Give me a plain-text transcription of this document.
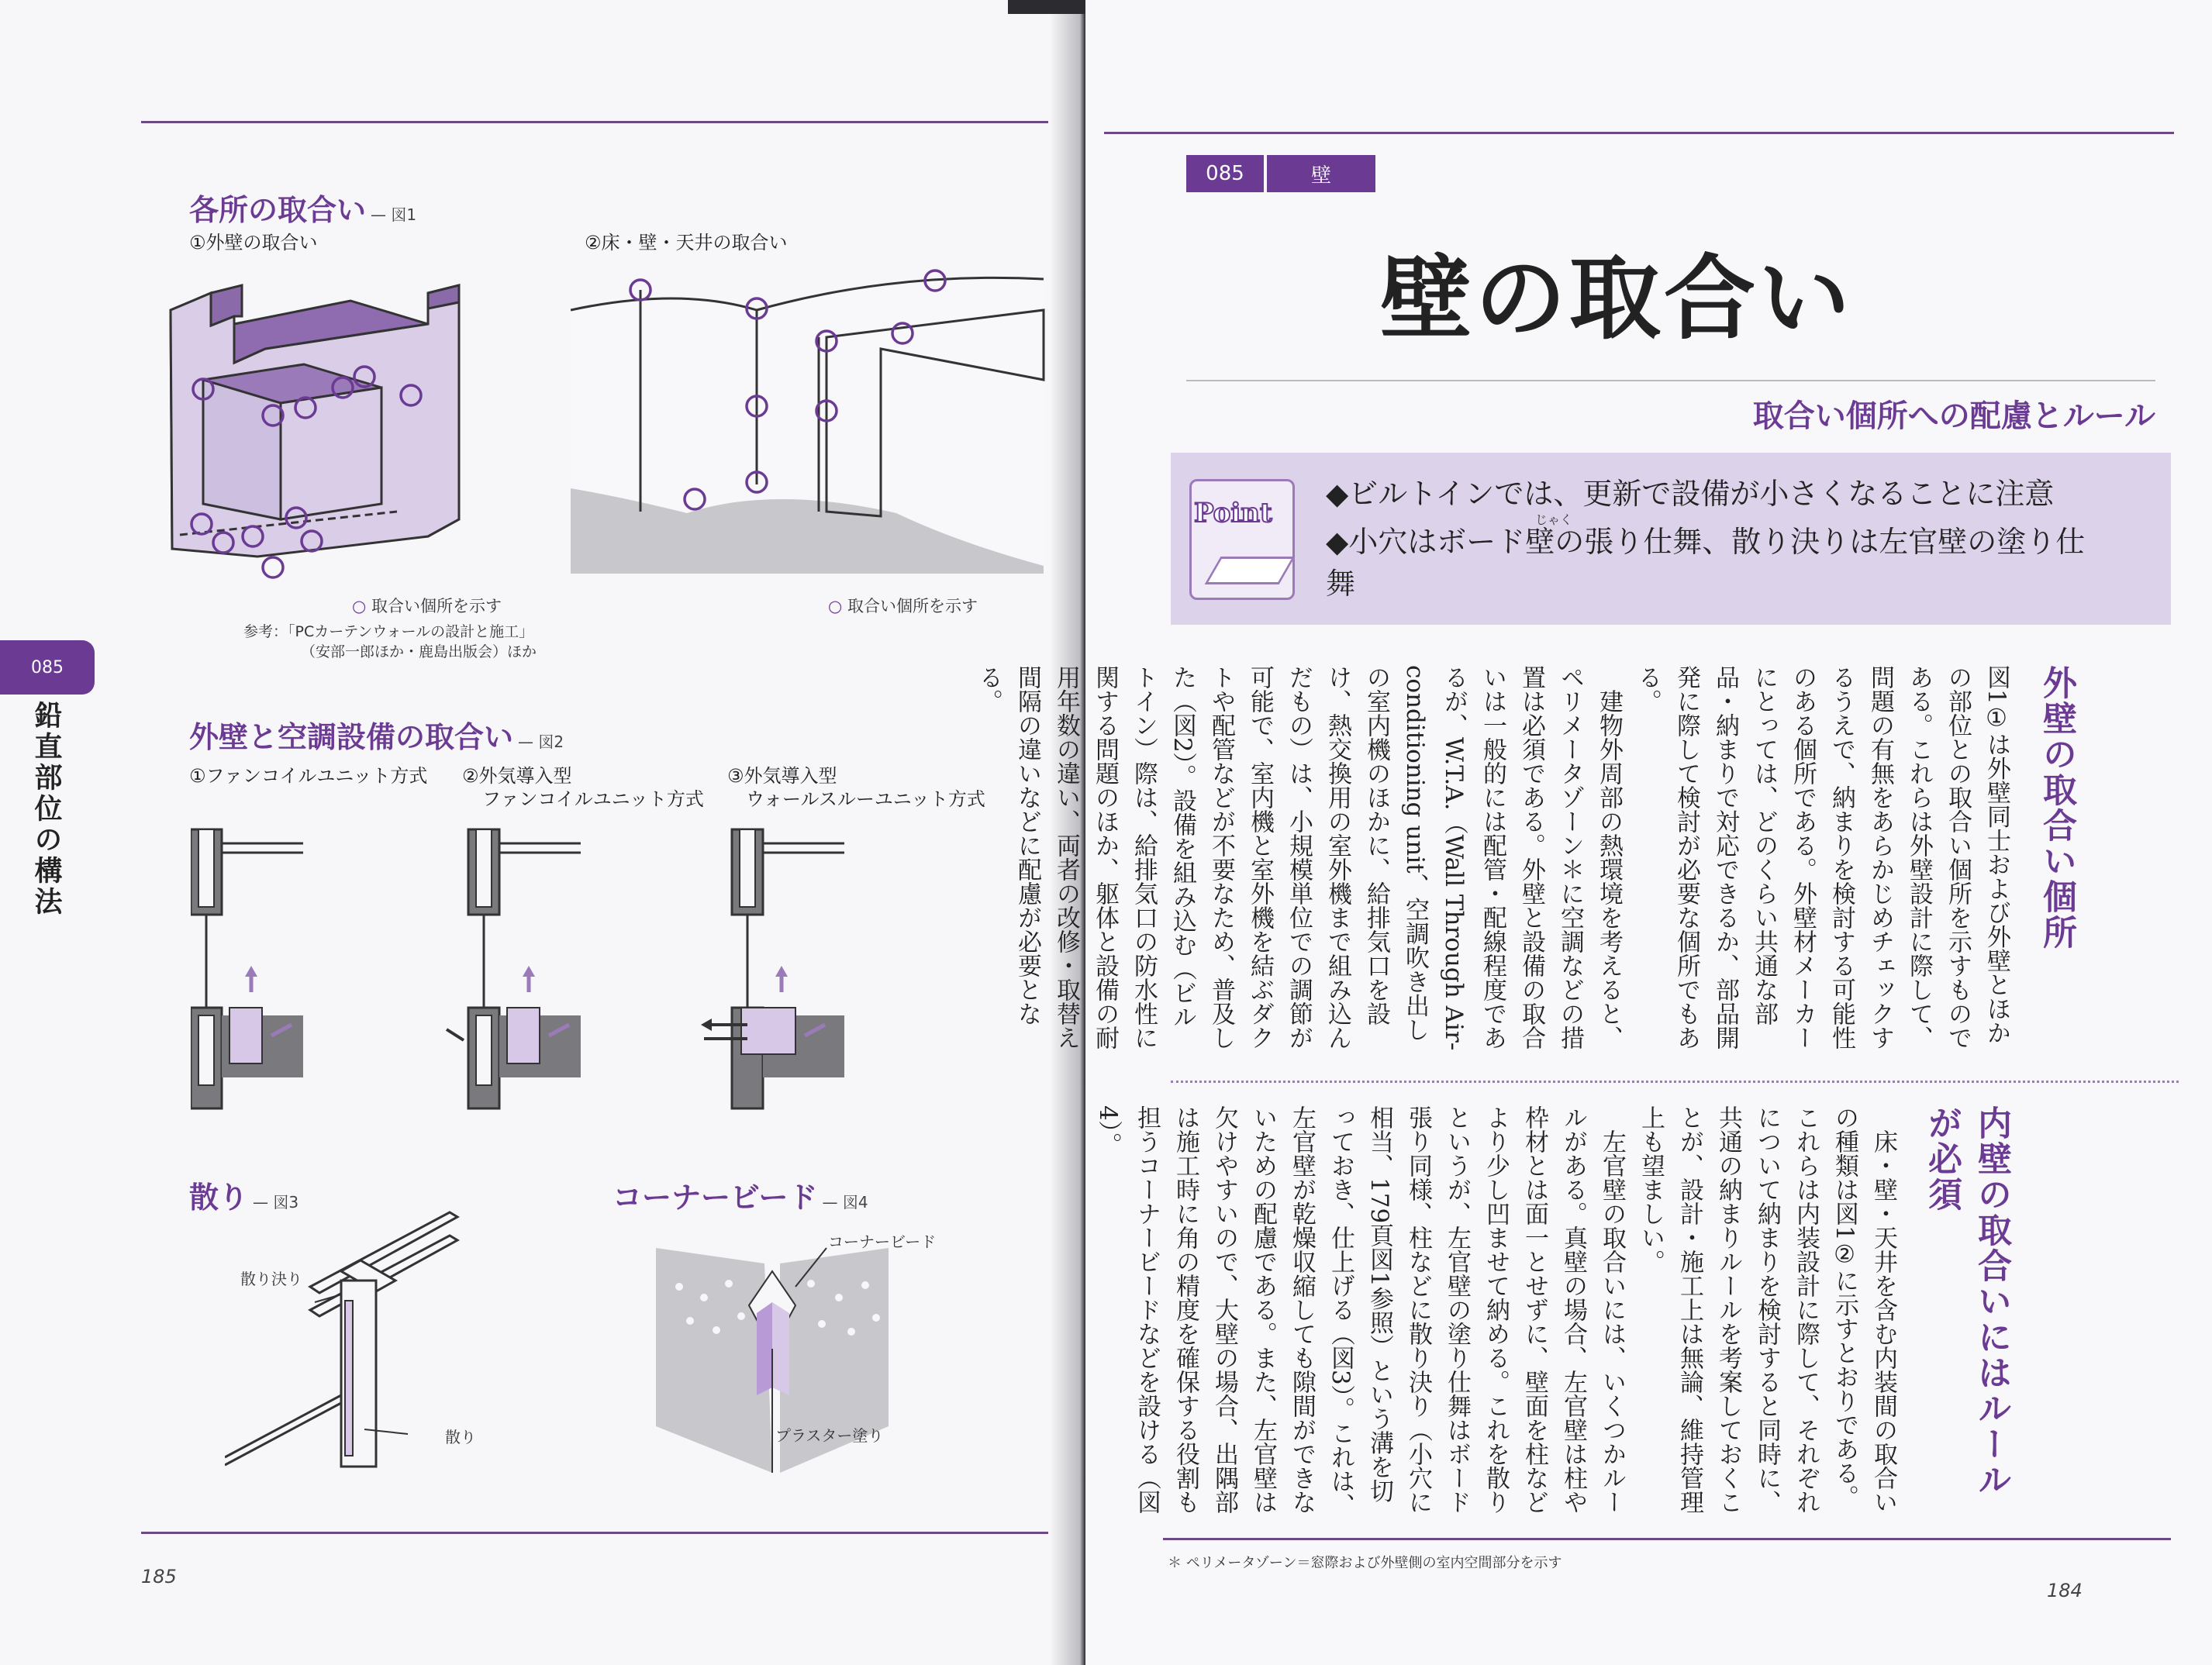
各所の取合い — 図1
①外壁の取合い	②床・壁・天井の取合い
○ 取合い個所を示す	○ 取合い個所を示す
参考：「PCカーテンウォールの設計と施工」
（安部一郎ほか・鹿島出版会）ほか
085
鉛直部位の構法	外壁と空調設備の取合い — 図2
①ファンコイルユニット方式 ②外気導入型
ファンコイルユニット方式
③外気導入型
ウォールスルーユニット方式
散り — 図3
散り決り
散り
コーナービード — 図4
コーナービード
プラスター塗り
185
085	壁
壁の取合い
取合い個所への配慮とルール
Point
◆ビルトインでは、更新で設備が小さくなることに注意
じゃく
◆小穴はボード壁の張り仕舞、散り決りは左官壁の塗り仕舞
外壁の取合い個所
図1①は外壁同士および外壁とほかの部位との取合い個所を示すものである。これらは外壁設計に際して、問題の有無をあらかじめチェックするうえで、納まりを検討する可能性のある個所である。外壁材メーカーにとっては、どのくらい共通な部品・納まりで対応できるか、部品開発に際して検討が必要な個所でもある。
　建物外周部の熱環境を考えると、ペリメータゾーン＊に空調などの措置は必須である。外壁と設備の取合いは一般的には配管・配線程度であるが、W.T.A.（Wall Through Air-conditioning unit、空調吹き出しの室内機のほかに、給排気口を設け、熱交換用の室外機まで組み込んだもの）は、小規模単位での調節が可能で、室内機と室外機を結ぶダクトや配管などが不要なため、普及した（図2）。設備を組み込む（ビルトイン）際は、給排気口の防水性に関する問題のほか、躯体と設備の耐用年数の違い、両者の改修・取替え間隔の違いなどに配慮が必要となる。
内壁の取合いにはルールが必須
　床・壁・天井を含む内装間の取合いの種類は図1②に示すとおりである。これらは内装設計に際して、それぞれについて納まりを検討すると同時に、共通の納まりルールを考案しておくことが、設計・施工上は無論、維持管理上も望ましい。
　左官壁の取合いには、いくつかルールがある。真壁の場合、左官壁は柱や枠材とは面一とせずに、壁面を柱などより少し凹ませて納める。これを散りというが、左官壁の塗り仕舞はボード張り同様、柱などに散り決り（小穴に相当、179頁図1参照）という溝を切っておき、仕上げる（図3）。これは、左官壁が乾燥収縮しても隙間ができないための配慮である。また、左官壁は欠けやすいので、大壁の場合、出隅部は施工時に角の精度を確保する役割も担うコーナービードなどを設ける（図4）。
＊ ペリメータゾーン＝窓際および外壁側の室内空間部分を示す
184
